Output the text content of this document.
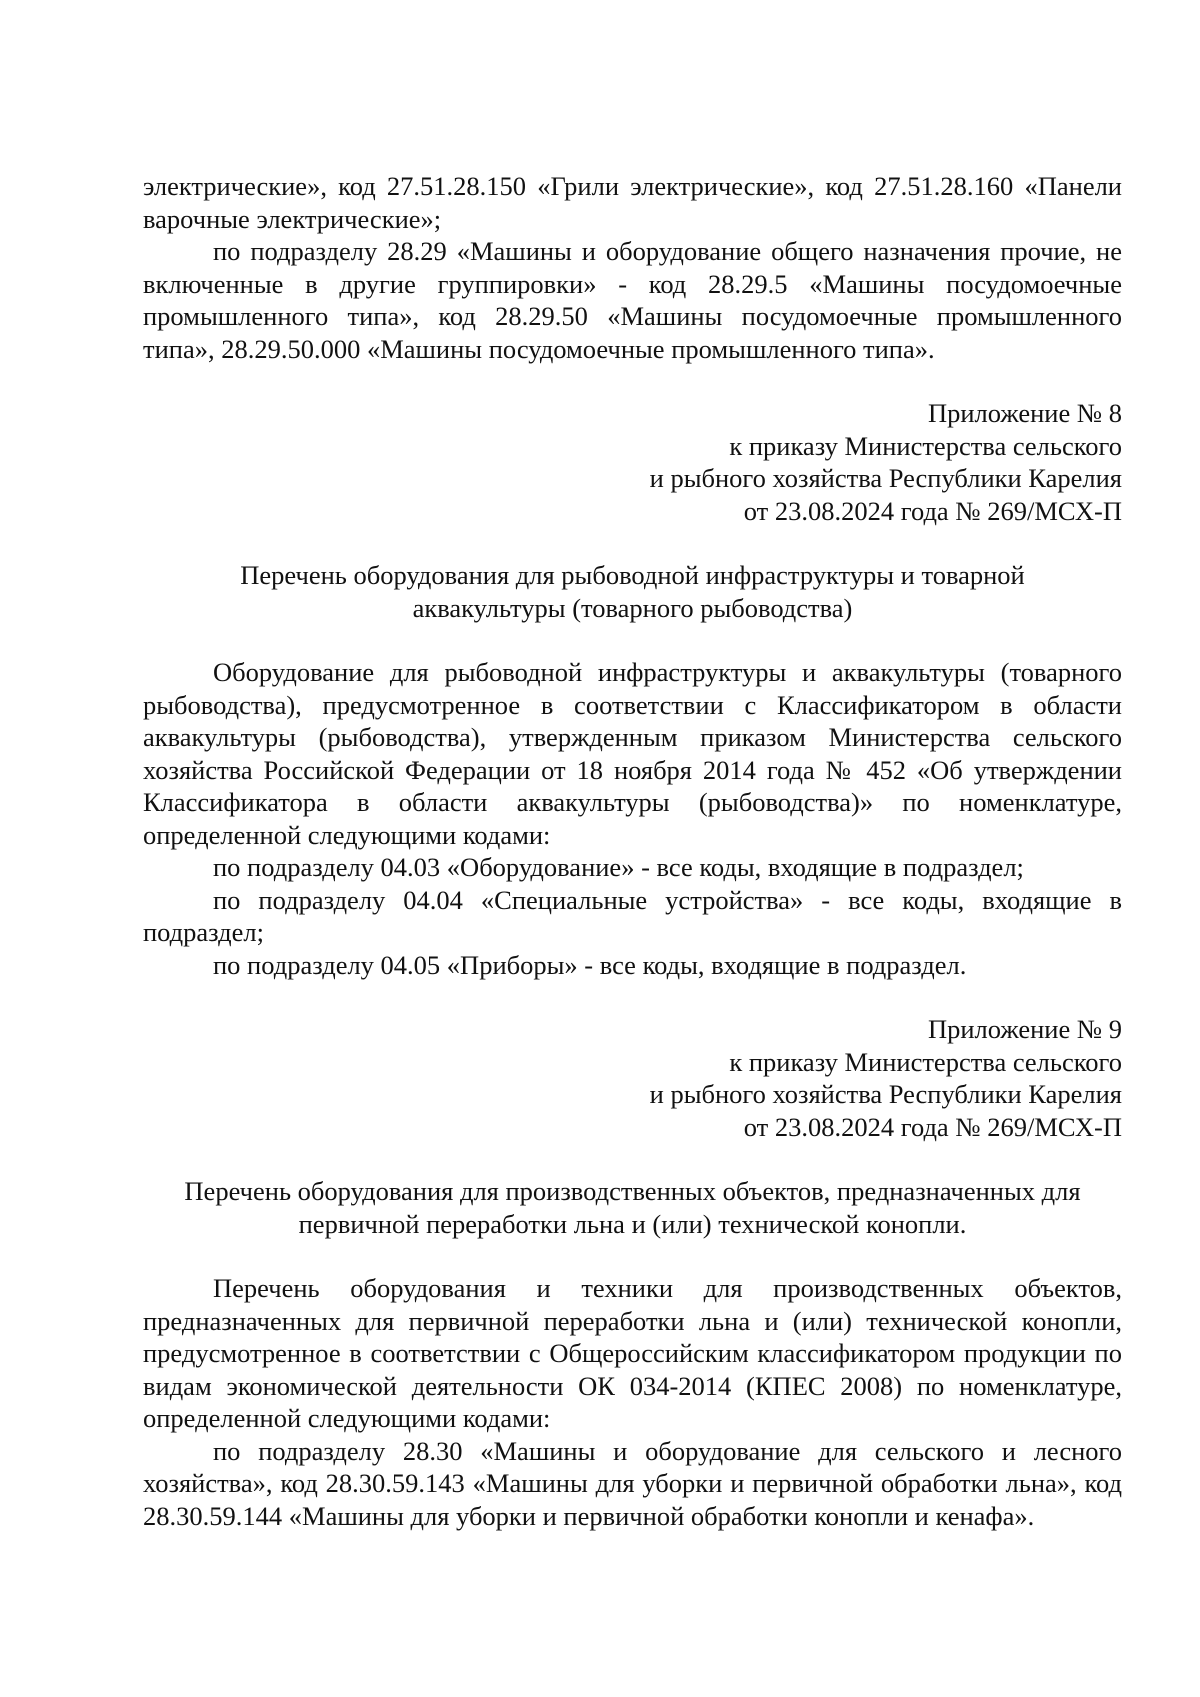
электрические», код 27.51.28.150 «Грили электрические», код 27.51.28.160 «Панели варочные электрические»;

по подразделу 28.29 «Машины и оборудование общего назначения прочие, не включенные в другие группировки» - код 28.29.5 «Машины посудомоечные промышленного типа», код 28.29.50 «Машины посудомоечные промышленного типа», 28.29.50.000 «Машины посудомоечные промышленного типа».

Приложение № 8
к приказу Министерства сельского
и рыбного хозяйства Республики Карелия
от 23.08.2024 года № 269/МСХ-П
Перечень оборудования для рыбоводной инфраструктуры и товарной
аквакультуры (товарного рыбоводства)

Оборудование для рыбоводной инфраструктуры и аквакультуры (товарного рыбоводства), предусмотренное в соответствии с Классификатором в области аквакультуры (рыбоводства), утвержденным приказом Министерства сельского хозяйства Российской Федерации от 18 ноября 2014 года № 452 «Об утверждении Классификатора в области аквакультуры (рыбоводства)» по номенклатуре, определенной следующими кодами:

по подразделу 04.03 «Оборудование» - все коды, входящие в подраздел;

по подразделу 04.04 «Специальные устройства» - все коды, входящие в подраздел;

по подразделу 04.05 «Приборы» - все коды, входящие в подраздел.

Приложение № 9
к приказу Министерства сельского
и рыбного хозяйства Республики Карелия
от 23.08.2024 года № 269/МСХ-П
Перечень оборудования для производственных объектов, предназначенных для
первичной переработки льна и (или) технической конопли.

Перечень оборудования и техники для производственных объектов, предназначенных для первичной переработки льна и (или) технической конопли, предусмотренное в соответствии с Общероссийским классификатором продукции по видам экономической деятельности ОК 034-2014 (КПЕС 2008) по номенклатуре, определенной следующими кодами:

по подразделу 28.30 «Машины и оборудование для сельского и лесного хозяйства», код 28.30.59.143 «Машины для уборки и первичной обработки льна», код 28.30.59.144 «Машины для уборки и первичной обработки конопли и кенафа».
